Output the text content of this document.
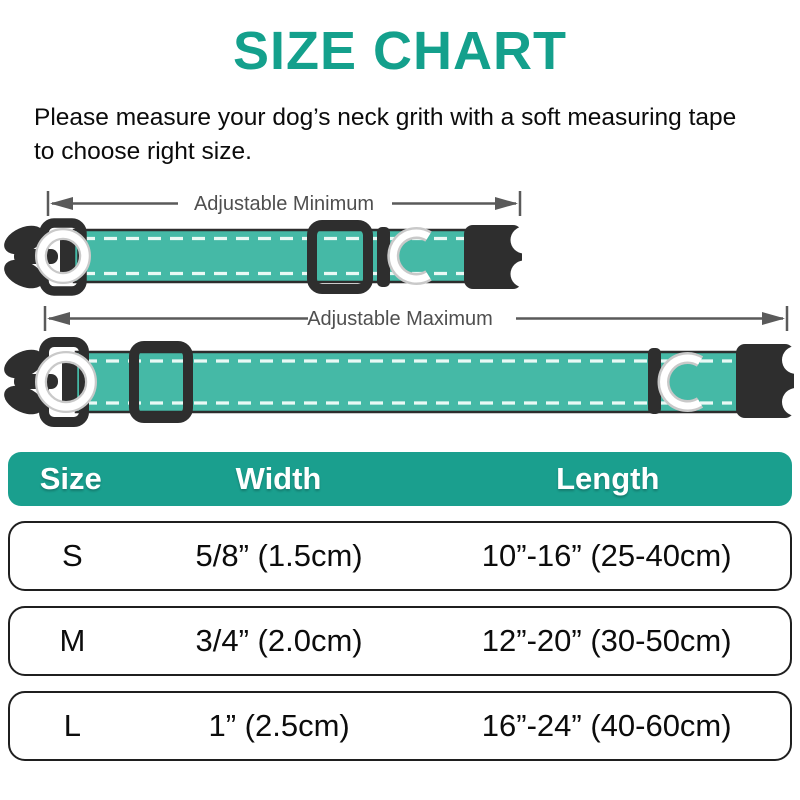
SIZE CHART
Please measure your dog’s neck grith with a soft measuring tape
to choose right size.
Adjustable Minimum
Adjustable Maximum
Size	Width	Length
S	5/8” (1.5cm)	10”-16” (25-40cm)
M	3/4” (2.0cm)	12”-20” (30-50cm)
L	1” (2.5cm)	16”-24” (40-60cm)
